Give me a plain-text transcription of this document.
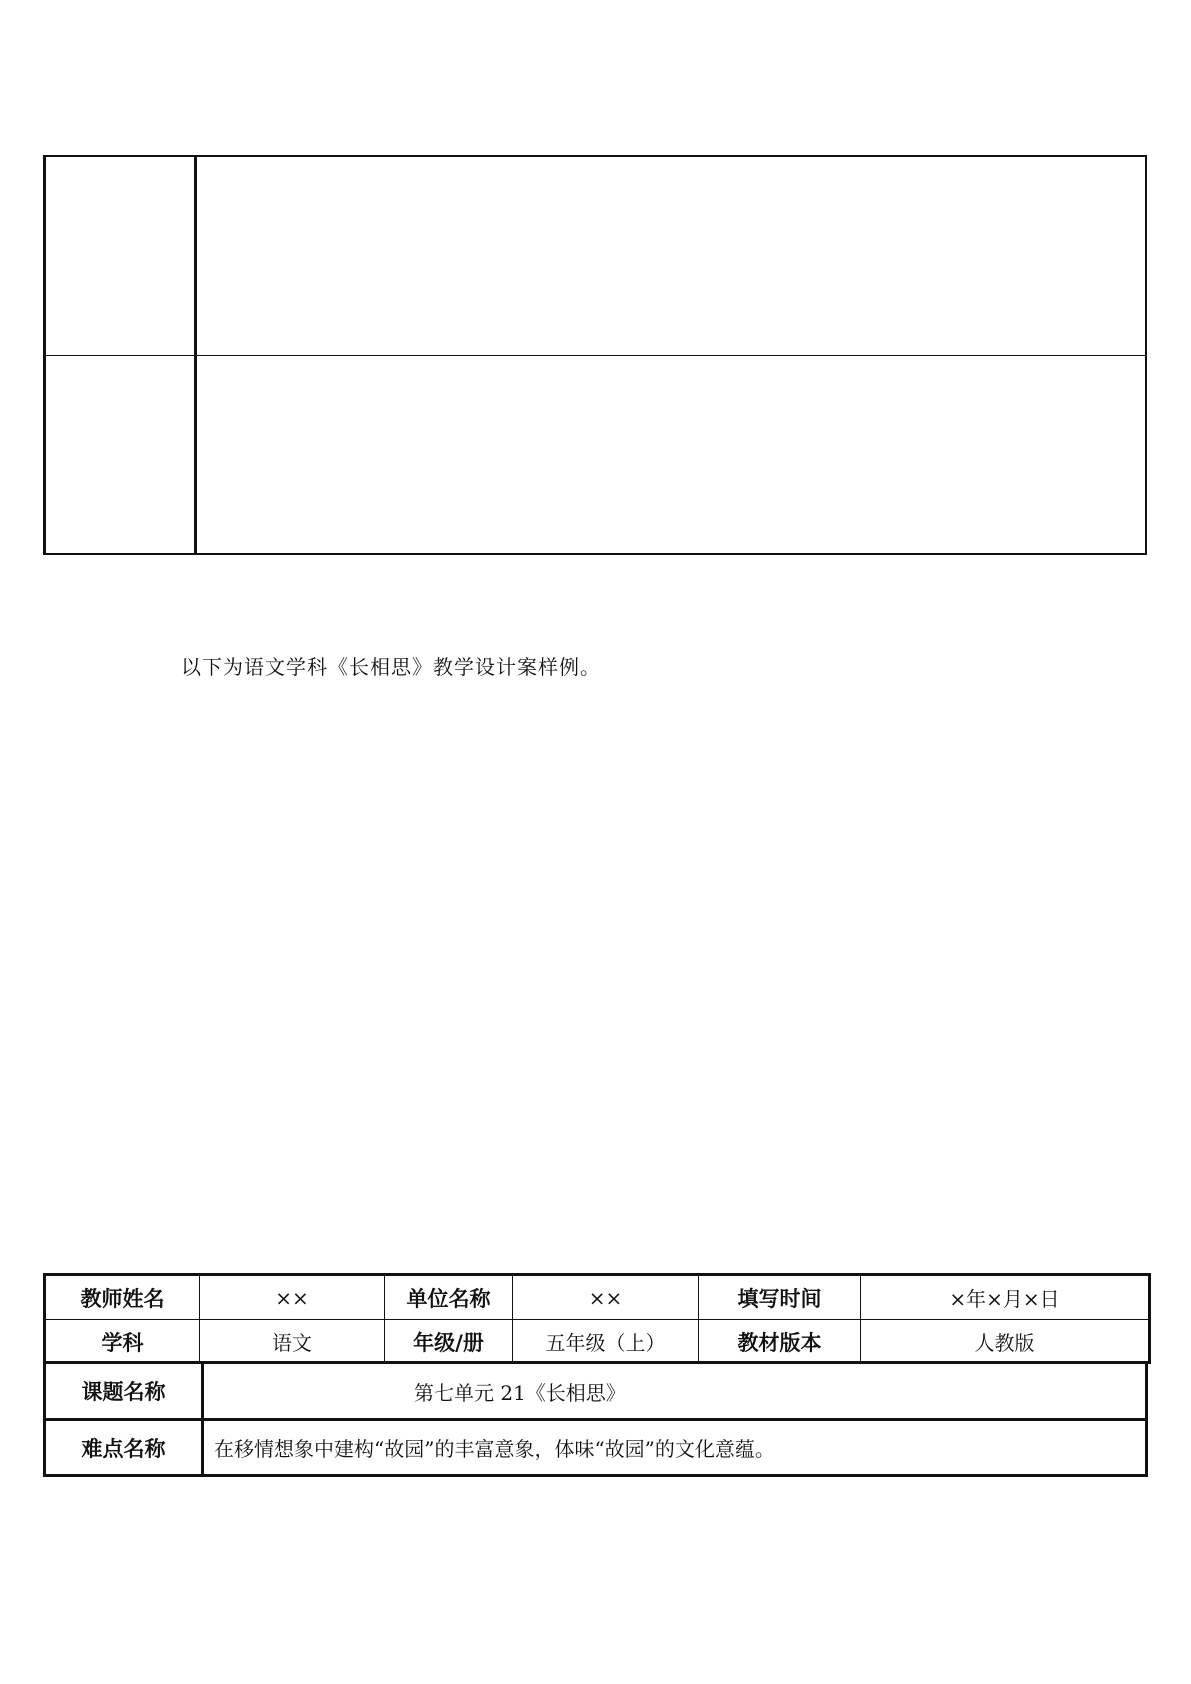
以下为语文学科《长相思》教学设计案样例。
教师姓名	××	单位名称	××	填写时间	×年×月×日
学科	语文	年级/册	五年级（上）	教材版本	人教版
课题名称	第七单元 21《长相思》
难点名称	在移情想象中建构“故园”的丰富意象，体味“故园”的文化意蕴。
